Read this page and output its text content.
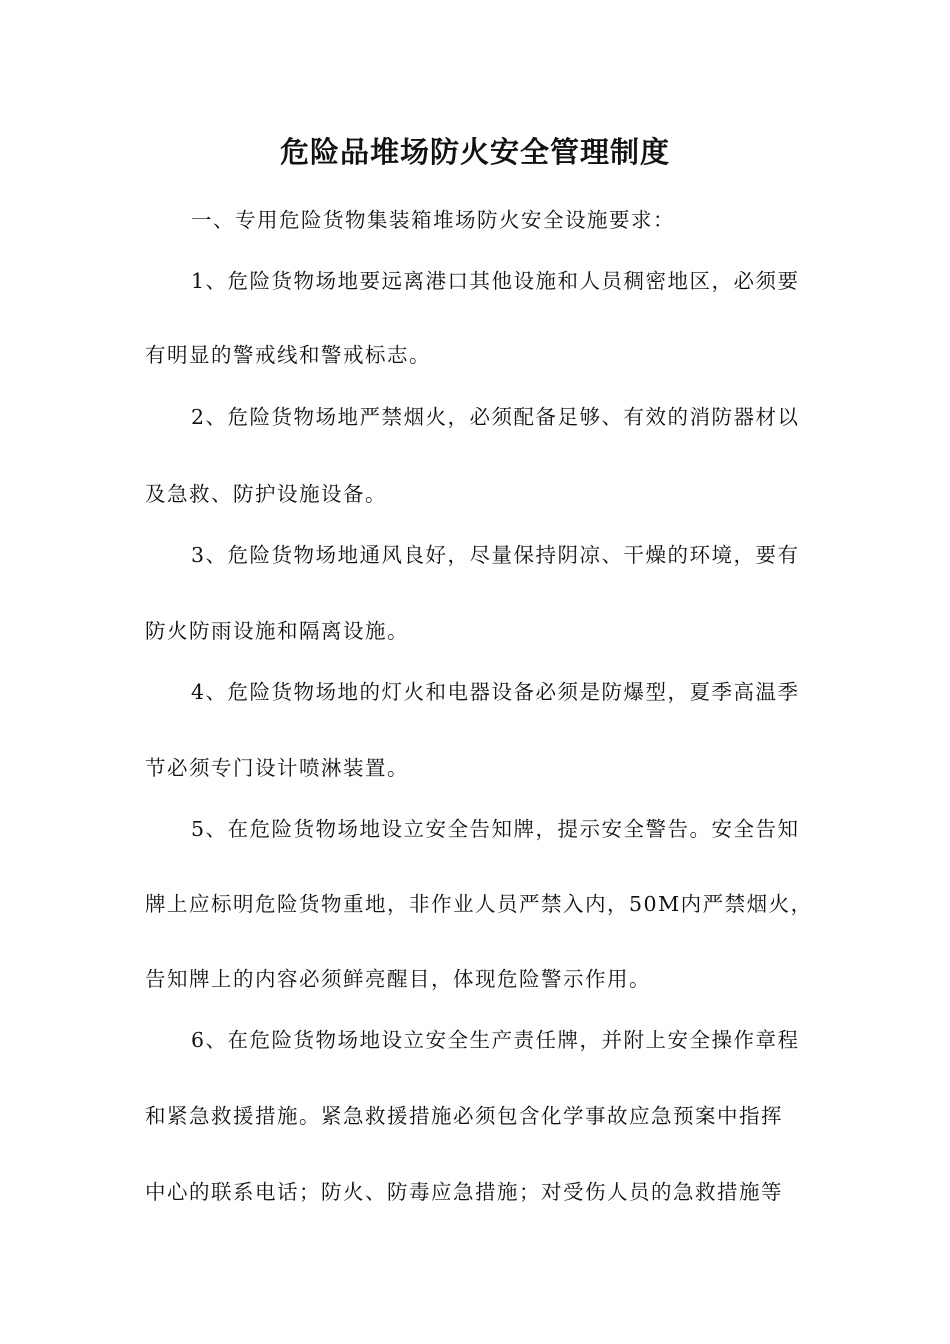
危险品堆场防火安全管理制度

一、专用危险货物集装箱堆场防火安全设施要求：

1、危险货物场地要远离港口其他设施和人员稠密地区，必须要

有明显的警戒线和警戒标志。

2、危险货物场地严禁烟火，必须配备足够、有效的消防器材以

及急救、防护设施设备。

3、危险货物场地通风良好，尽量保持阴凉、干燥的环境，要有

防火防雨设施和隔离设施。

4、危险货物场地的灯火和电器设备必须是防爆型，夏季高温季

节必须专门设计喷淋装置。

5、在危险货物场地设立安全告知牌，提示安全警告。安全告知

牌上应标明危险货物重地，非作业人员严禁入内，50M内严禁烟火，

告知牌上的内容必须鲜亮醒目，体现危险警示作用。

6、在危险货物场地设立安全生产责任牌，并附上安全操作章程

和紧急救援措施。紧急救援措施必须包含化学事故应急预案中指挥

中心的联系电话；防火、防毒应急措施；对受伤人员的急救措施等
